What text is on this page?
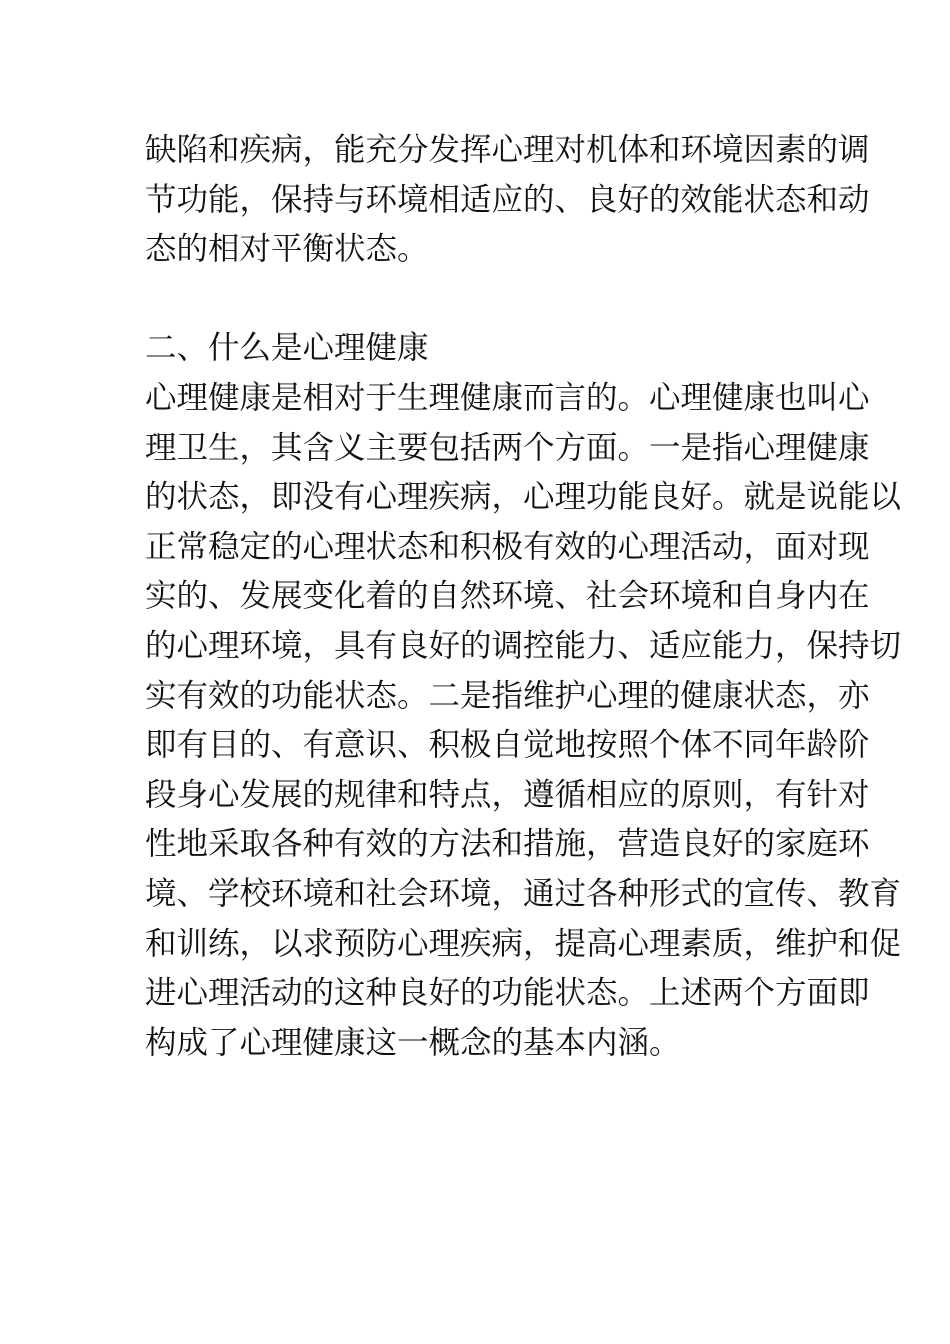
缺陷和疾病，能充分发挥心理对机体和环境因素的调
节功能，保持与环境相适应的、良好的效能状态和动
态的相对平衡状态。
二、什么是心理健康
心理健康是相对于生理健康而言的。心理健康也叫心
理卫生，其含义主要包括两个方面。一是指心理健康
的状态，即没有心理疾病，心理功能良好。就是说能以
正常稳定的心理状态和积极有效的心理活动，面对现
实的、发展变化着的自然环境、社会环境和自身内在
的心理环境，具有良好的调控能力、适应能力，保持切
实有效的功能状态。二是指维护心理的健康状态，亦
即有目的、有意识、积极自觉地按照个体不同年龄阶
段身心发展的规律和特点，遵循相应的原则，有针对
性地采取各种有效的方法和措施，营造良好的家庭环
境、学校环境和社会环境，通过各种形式的宣传、教育
和训练，以求预防心理疾病，提高心理素质，维护和促
进心理活动的这种良好的功能状态。上述两个方面即
构成了心理健康这一概念的基本内涵。
